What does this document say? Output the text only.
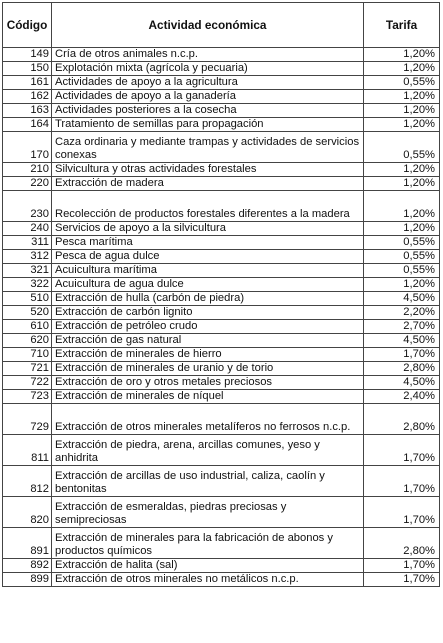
Código	Actividad económica	Tarifa
149	Cría de otros animales n.c.p.	1,20%
150	Explotación mixta (agrícola y pecuaria)	1,20%
161	Actividades de apoyo a la agricultura	0,55%
162	Actividades de apoyo a la ganadería	1,20%
163	Actividades posteriores a la cosecha	1,20%
164	Tratamiento de semillas para propagación	1,20%
170	Caza ordinaria y mediante trampas y actividades de servicios conexas	0,55%
210	Silvicultura y otras actividades forestales	1,20%
220	Extracción de madera	1,20%
230	Recolección de productos forestales diferentes a la madera	1,20%
240	Servicios de apoyo a la silvicultura	1,20%
311	Pesca marítima	0,55%
312	Pesca de agua dulce	0,55%
321	Acuicultura marítima	0,55%
322	Acuicultura de agua dulce	1,20%
510	Extracción de hulla (carbón de piedra)	4,50%
520	Extracción de carbón lignito	2,20%
610	Extracción de petróleo crudo	2,70%
620	Extracción de gas natural	4,50%
710	Extracción de minerales de hierro	1,70%
721	Extracción de minerales de uranio y de torio	2,80%
722	Extracción de oro y otros metales preciosos	4,50%
723	Extracción de minerales de níquel	2,40%
729	Extracción de otros minerales metalíferos no ferrosos n.c.p.	2,80%
811	Extracción de piedra, arena, arcillas comunes, yeso y anhidrita	1,70%
812	Extracción de arcillas de uso industrial, caliza, caolín y bentonitas	1,70%
820	Extracción de esmeraldas, piedras preciosas y semipreciosas	1,70%
891	Extracción de minerales para la fabricación de abonos y productos químicos	2,80%
892	Extracción de halita (sal)	1,70%
899	Extracción de otros minerales no metálicos n.c.p.	1,70%
